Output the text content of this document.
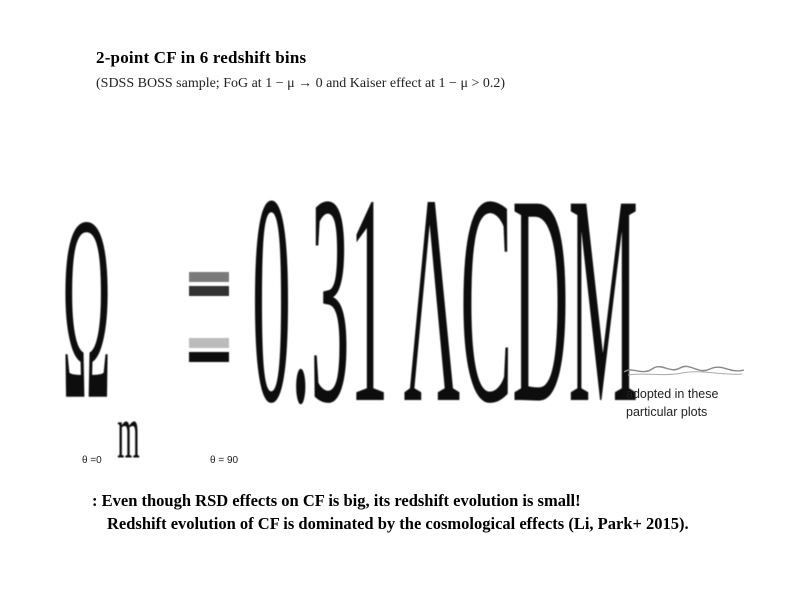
2-point CF in 6 redshift bins
(SDSS BOSS sample; FoG at 1 − μ → 0 and Kaiser effect at 1 − μ > 0.2)
Ω m 0.31 ΛCDM
adopted in these particular plots
θ =0	θ = 90
: Even though RSD effects on CF is big, its redshift evolution is small!
Redshift evolution of CF is dominated by the cosmological effects (Li, Park+ 2015).
